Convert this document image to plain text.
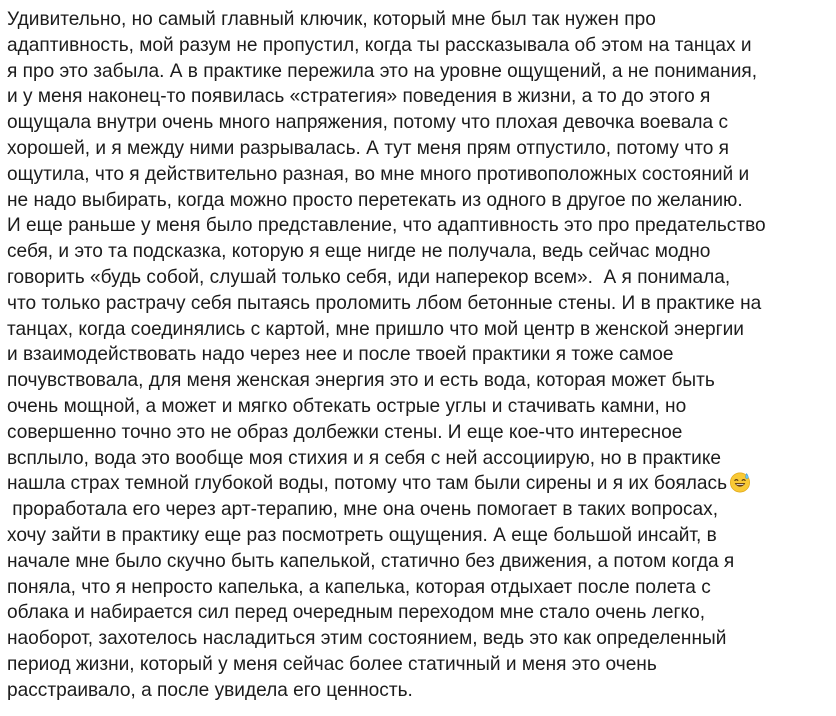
Удивительно, но самый главный ключик, который мне был так нужен про
адаптивность, мой разум не пропустил, когда ты рассказывала об этом на танцах и
я про это забыла. А в практике пережила это на уровне ощущений, а не понимания,
и у меня наконец-то появилась «стратегия» поведения в жизни, а то до этого я
ощущала внутри очень много напряжения, потому что плохая девочка воевала с
хорошей, и я между ними разрывалась. А тут меня прям отпустило, потому что я
ощутила, что я действительно разная, во мне много противоположных состояний и
не надо выбирать, когда можно просто перетекать из одного в другое по желанию.
И еще раньше у меня было представление, что адаптивность это про предательство
себя, и это та подсказка, которую я еще нигде не получала, ведь сейчас модно
говорить «будь собой, слушай только себя, иди наперекор всем».  А я понимала,
что только растрачу себя пытаясь проломить лбом бетонные стены. И в практике на
танцах, когда соединялись с картой, мне пришло что мой центр в женской энергии
и взаимодействовать надо через нее и после твоей практики я тоже самое
почувствовала, для меня женская энергия это и есть вода, которая может быть
очень мощной, а может и мягко обтекать острые углы и стачивать камни, но
совершенно точно это не образ долбежки стены. И еще кое-что интересное
всплыло, вода это вообще моя стихия и я себя с ней ассоциирую, но в практике
нашла страх темной глубокой воды, потому что там были сирены и я их боялась
проработала его через арт-терапию, мне она очень помогает в таких вопросах,
хочу зайти в практику еще раз посмотреть ощущения. А еще большой инсайт, в
начале мне было скучно быть капелькой, статично без движения, а потом когда я
поняла, что я непросто капелька, а капелька, которая отдыхает после полета с
облака и набирается сил перед очередным переходом мне стало очень легко,
наоборот, захотелось насладиться этим состоянием, ведь это как определенный
период жизни, который у меня сейчас более статичный и меня это очень
расстраивало, а после увидела его ценность.
